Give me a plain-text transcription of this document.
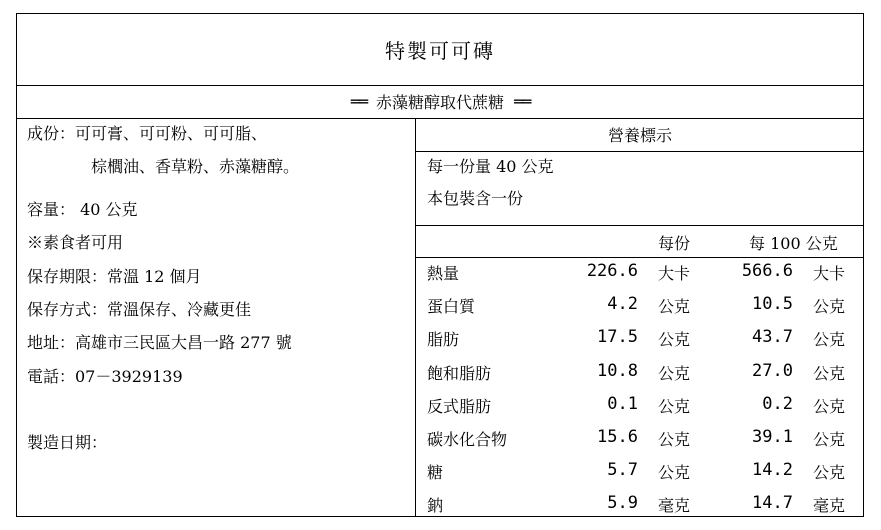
特製可可磚
══ 赤藻糖醇取代蔗糖 ══
成份：可可膏、可可粉、可可脂、
棕櫚油、香草粉、赤藻糖醇。
容量： 40 公克
※素食者可用
保存期限：常溫 12 個月
保存方式：常溫保存、冷藏更佳
地址：高雄市三民區大昌一路 277 號
電話：07－3929139
製造日期：
營養標示
每一份量 40 公克
本包裝含一份
每份	每 100 公克
熱量	226.6 大卡	566.6 大卡
蛋白質	4.2 公克	10.5 公克
脂肪	17.5 公克	43.7 公克
飽和脂肪	10.8 公克	27.0 公克
反式脂肪	0.1 公克	0.2 公克
碳水化合物	15.6 公克	39.1 公克
糖	5.7 公克	14.2 公克
鈉	5.9 毫克	14.7 毫克
